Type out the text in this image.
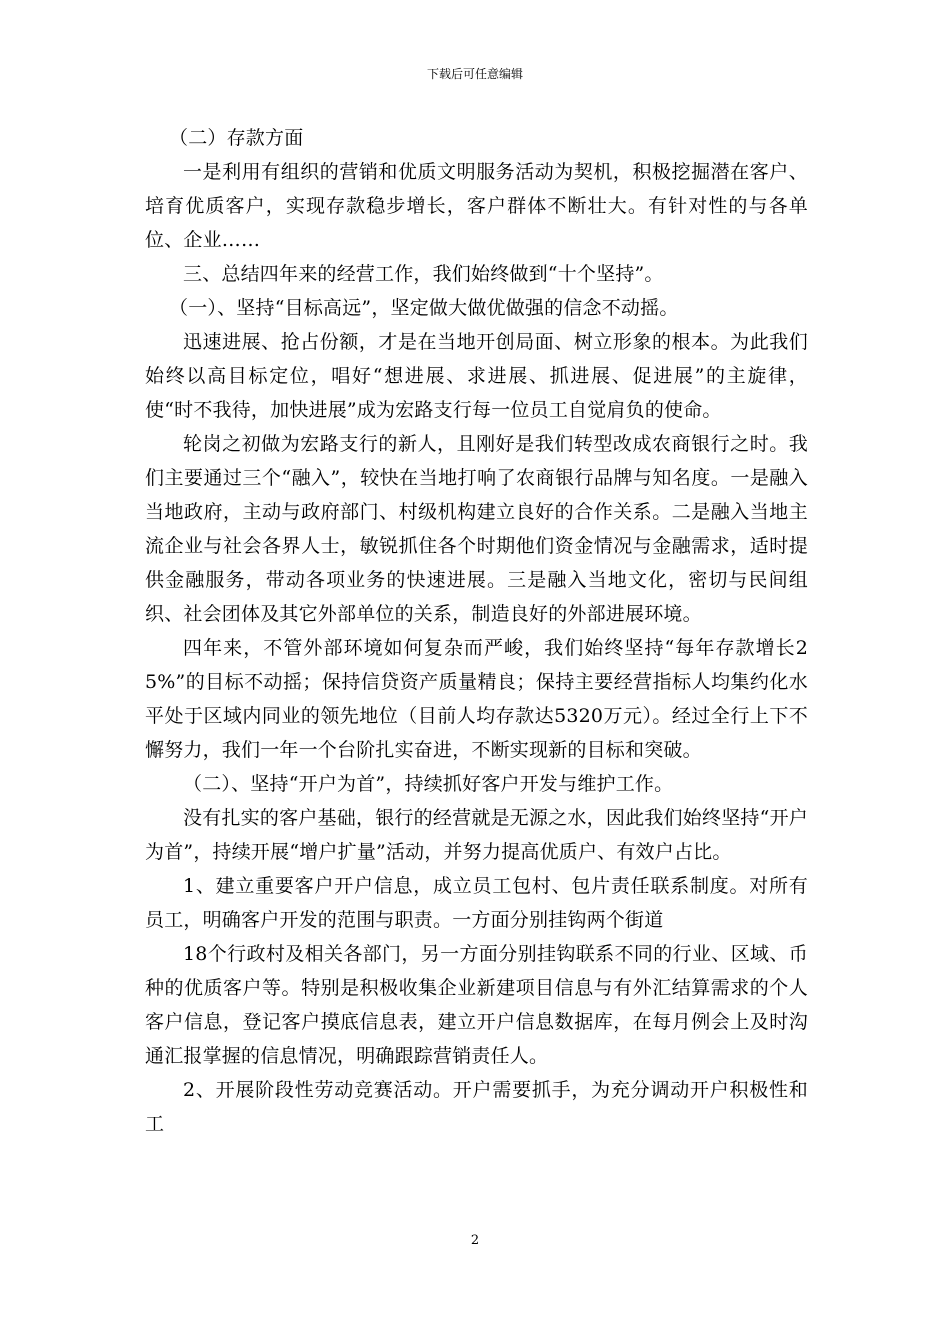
下载后可任意编辑

（二）存款方面

一是利用有组织的营销和优质文明服务活动为契机，积极挖掘潜在客户、培育优质客户，实现存款稳步增长，客户群体不断壮大。有针对性的与各单位、企业……

三、总结四年来的经营工作，我们始终做到“十个坚持”。

（一）、坚持“目标高远”，坚定做大做优做强的信念不动摇。

迅速进展、抢占份额，才是在当地开创局面、树立形象的根本。为此我们始终以高目标定位，唱好“想进展、求进展、抓进展、促进展”的主旋律，使“时不我待，加快进展”成为宏路支行每一位员工自觉肩负的使命。

轮岗之初做为宏路支行的新人，且刚好是我们转型改成农商银行之时。我们主要通过三个“融入”，较快在当地打响了农商银行品牌与知名度。一是融入当地政府，主动与政府部门、村级机构建立良好的合作关系。二是融入当地主流企业与社会各界人士，敏锐抓住各个时期他们资金情况与金融需求，适时提供金融服务，带动各项业务的快速进展。三是融入当地文化，密切与民间组织、社会团体及其它外部单位的关系，制造良好的外部进展环境。

四年来，不管外部环境如何复杂而严峻，我们始终坚持“每年存款增长25%”的目标不动摇；保持信贷资产质量精良；保持主要经营指标人均集约化水平处于区域内同业的领先地位（目前人均存款达5320万元）。经过全行上下不懈努力，我们一年一个台阶扎实奋进，不断实现新的目标和突破。

（二）、坚持“开户为首”，持续抓好客户开发与维护工作。

没有扎实的客户基础，银行的经营就是无源之水，因此我们始终坚持“开户为首”，持续开展“增户扩量”活动，并努力提高优质户、有效户占比。

1、建立重要客户开户信息，成立员工包村、包片责任联系制度。对所有员工，明确客户开发的范围与职责。一方面分别挂钩两个街道

18个行政村及相关各部门，另一方面分别挂钩联系不同的行业、区域、币种的优质客户等。特别是积极收集企业新建项目信息与有外汇结算需求的个人客户信息，登记客户摸底信息表，建立开户信息数据库，在每月例会上及时沟通汇报掌握的信息情况，明确跟踪营销责任人。

2、开展阶段性劳动竞赛活动。开户需要抓手，为充分调动开户积极性和工

2
